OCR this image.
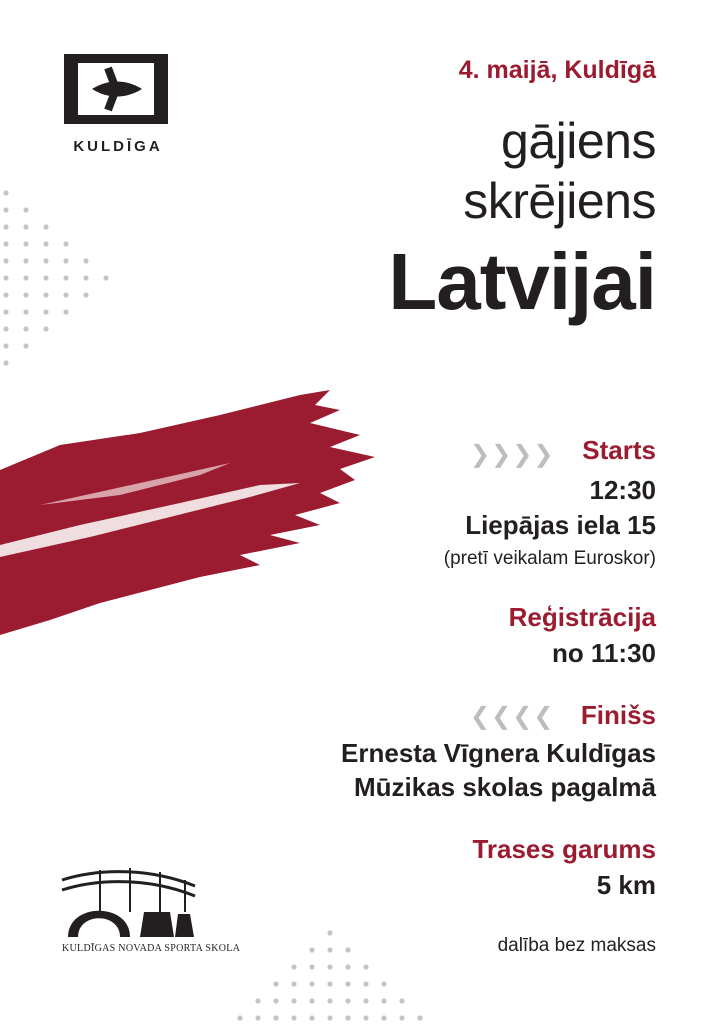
KULDĪGA
4. maijā, Kuldīgā
gājiens
skrējiens
Latvijai
❯❯❯❯
❮❮❮❮
Starts
12:30
Liepājas iela 15
(pretī veikalam Euroskor)
Reģistrācija
no 11:30
Finišs
Ernesta Vīgnera Kuldīgas
Mūzikas skolas pagalmā
Trases garums
5 km
dalība bez maksas
KULDĪGAS NOVADA SPORTA SKOLA
